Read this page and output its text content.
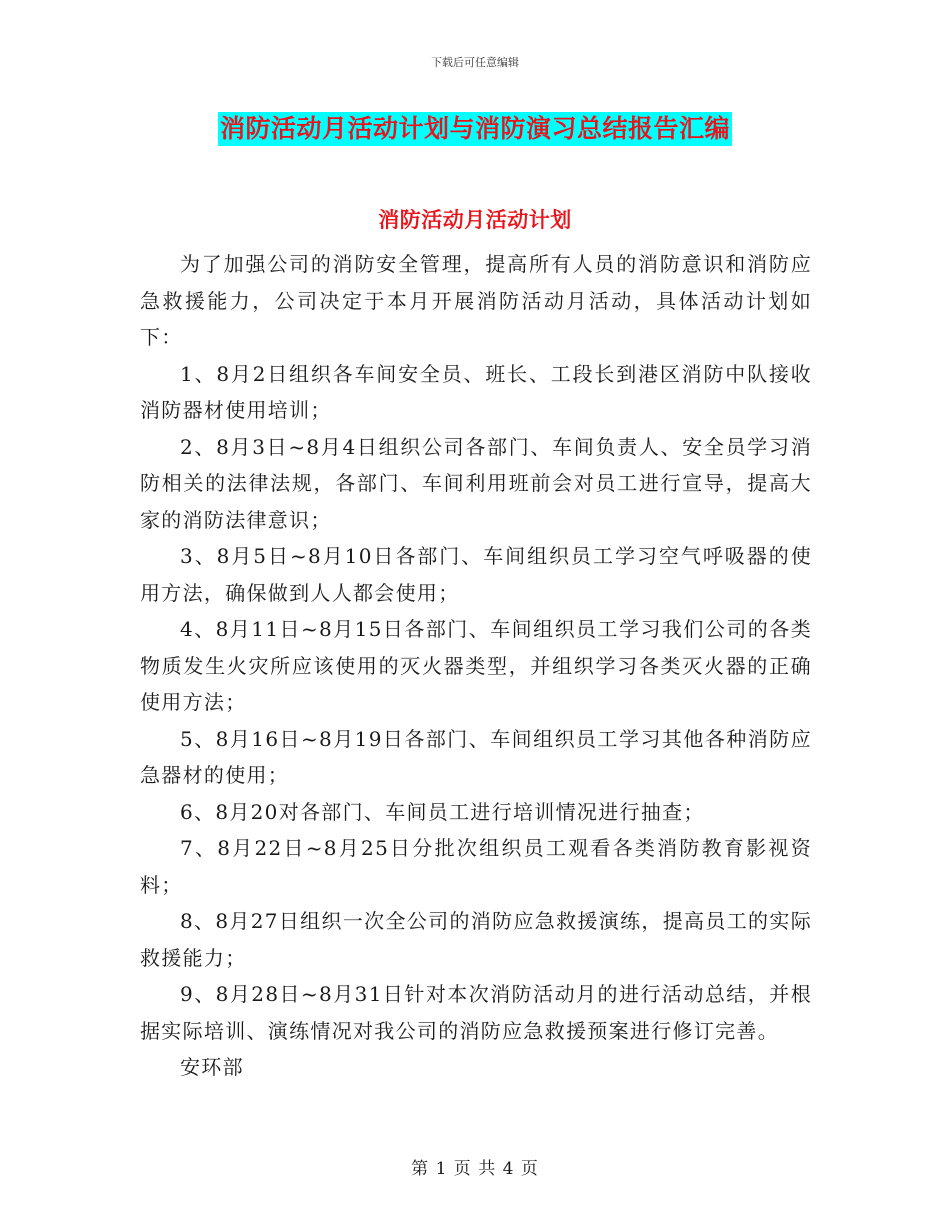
下载后可任意编辑
消防活动月活动计划与消防演习总结报告汇编
消防活动月活动计划

为了加强公司的消防安全管理，提高所有人员的消防意识和消防应急救援能力，公司决定于本月开展消防活动月活动，具体活动计划如下：

1、8月2日组织各车间安全员、班长、工段长到港区消防中队接收消防器材使用培训；

2、8月3日~8月4日组织公司各部门、车间负责人、安全员学习消防相关的法律法规，各部门、车间利用班前会对员工进行宣导，提高大家的消防法律意识；

3、8月5日~8月10日各部门、车间组织员工学习空气呼吸器的使用方法，确保做到人人都会使用；

4、8月11日~8月15日各部门、车间组织员工学习我们公司的各类物质发生火灾所应该使用的灭火器类型，并组织学习各类灭火器的正确使用方法；

5、8月16日~8月19日各部门、车间组织员工学习其他各种消防应急器材的使用；

6、8月20对各部门、车间员工进行培训情况进行抽查；

7、8月22日~8月25日分批次组织员工观看各类消防教育影视资料；

8、8月27日组织一次全公司的消防应急救援演练，提高员工的实际救援能力；

9、8月28日~8月31日针对本次消防活动月的进行活动总结，并根据实际培训、演练情况对我公司的消防应急救援预案进行修订完善。

安环部

第 1 页 共 4 页
